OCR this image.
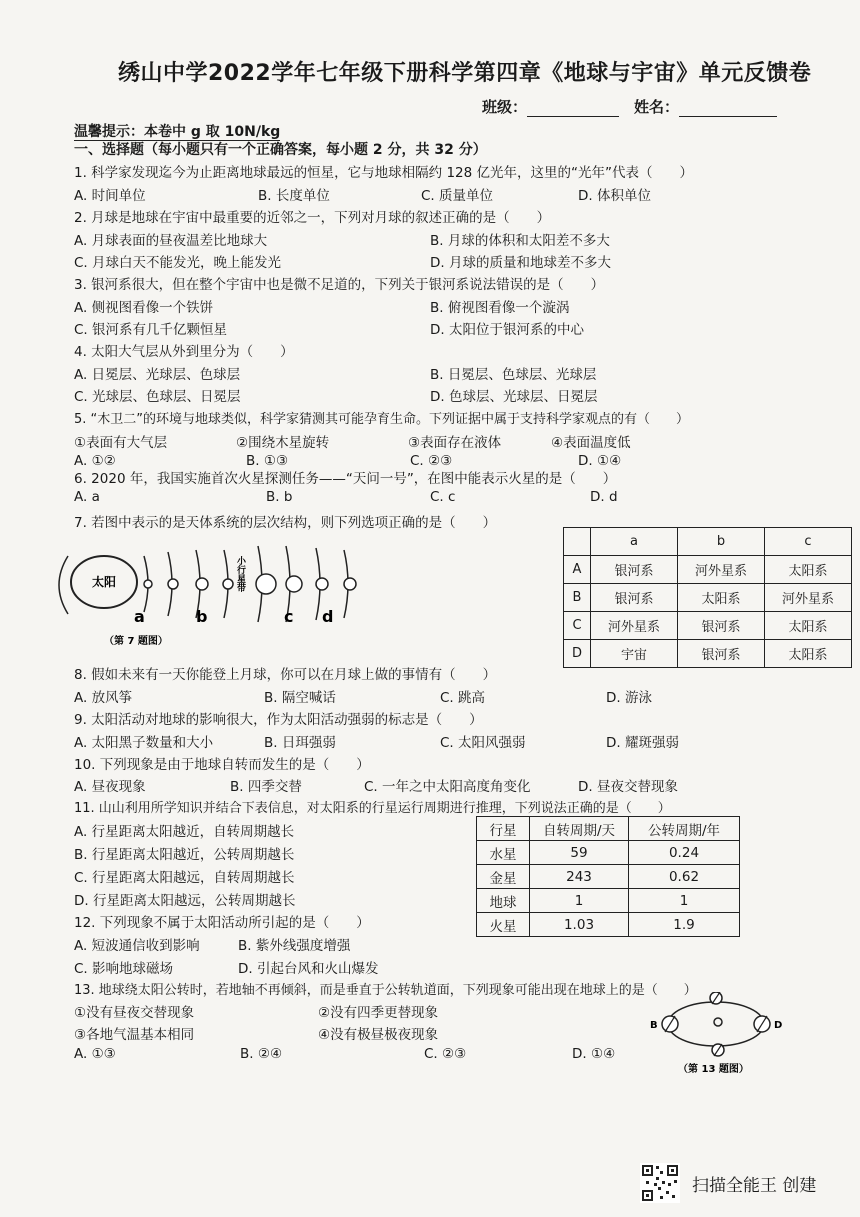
绣山中学2022学年七年级下册科学第四章《地球与宇宙》单元反馈卷
班级：	姓名：
温馨提示：本卷中 g 取 10N/kg
一、选择题（每小题只有一个正确答案，每小题 2 分，共 32 分）
1. 科学家发现迄今为止距离地球最远的恒星，它与地球相隔约 128 亿光年，这里的“光年”代表（　　）
A. 时间单位	B. 长度单位	C. 质量单位	D. 体积单位
2. 月球是地球在宇宙中最重要的近邻之一，下列对月球的叙述正确的是（　　）
A. 月球表面的昼夜温差比地球大	B. 月球的体积和太阳差不多大
C. 月球白天不能发光，晚上能发光	D. 月球的质量和地球差不多大
3. 银河系很大，但在整个宇宙中也是微不足道的，下列关于银河系说法错误的是（　　）
A. 侧视图看像一个铁饼	B. 俯视图看像一个漩涡
C. 银河系有几千亿颗恒星	D. 太阳位于银河系的中心
4. 太阳大气层从外到里分为（　　）
A. 日冕层、光球层、色球层	B. 日冕层、色球层、光球层
C. 光球层、色球层、日冕层	D. 色球层、光球层、日冕层
5. “木卫二”的环境与地球类似，科学家猜测其可能孕育生命。下列证据中属于支持科学家观点的有（　　）
①表面有大气层	②围绕木星旋转	③表面存在液体	④表面温度低
A. ①②	B. ①③	C. ②③	D. ①④
6. 2020 年，我国实施首次火星探测任务——“天问一号”，在图中能表示火星的是（　　）
A. a	B. b	C. c	D. d
7. 若图中表示的是天体系统的层次结构，则下列选项正确的是（　　）
太阳	小行星带
a	b	c d
（第 7 题图）
	a	b	c
A	银河系	河外星系	太阳系
B	银河系	太阳系	河外星系
C	河外星系	银河系	太阳系
D	宇宙	银河系	太阳系
8. 假如未来有一天你能登上月球，你可以在月球上做的事情有（　　）
A. 放风筝	B. 隔空喊话	C. 跳高	D. 游泳
9. 太阳活动对地球的影响很大，作为太阳活动强弱的标志是（　　）
A. 太阳黑子数量和大小	B. 日珥强弱	C. 太阳风强弱	D. 耀斑强弱
10. 下列现象是由于地球自转而发生的是（　　）
A. 昼夜现象	B. 四季交替	C. 一年之中太阳高度角变化	D. 昼夜交替现象
11. 山山利用所学知识并结合下表信息，对太阳系的行星运行周期进行推理，下列说法正确的是（　　）
A. 行星距离太阳越近，自转周期越长
B. 行星距离太阳越近，公转周期越长
C. 行星距离太阳越远，自转周期越长
D. 行星距离太阳越远，公转周期越长
行星	自转周期/天	公转周期/年
水星	59	0.24
金星	243	0.62
地球	1	1
火星	1.03	1.9
12. 下列现象不属于太阳活动所引起的是（　　）
A. 短波通信收到影响	B. 紫外线强度增强
C. 影响地球磁场	D. 引起台风和火山爆发
13. 地球绕太阳公转时，若地轴不再倾斜，而是垂直于公转轨道面，下列现象可能出现在地球上的是（　　）
①没有昼夜交替现象	②没有四季更替现象
③各地气温基本相同	④没有极昼极夜现象
A. ①③	B. ②④	C. ②③	D. ①④
B	D
（第 13 题图）
扫描全能王 创建
